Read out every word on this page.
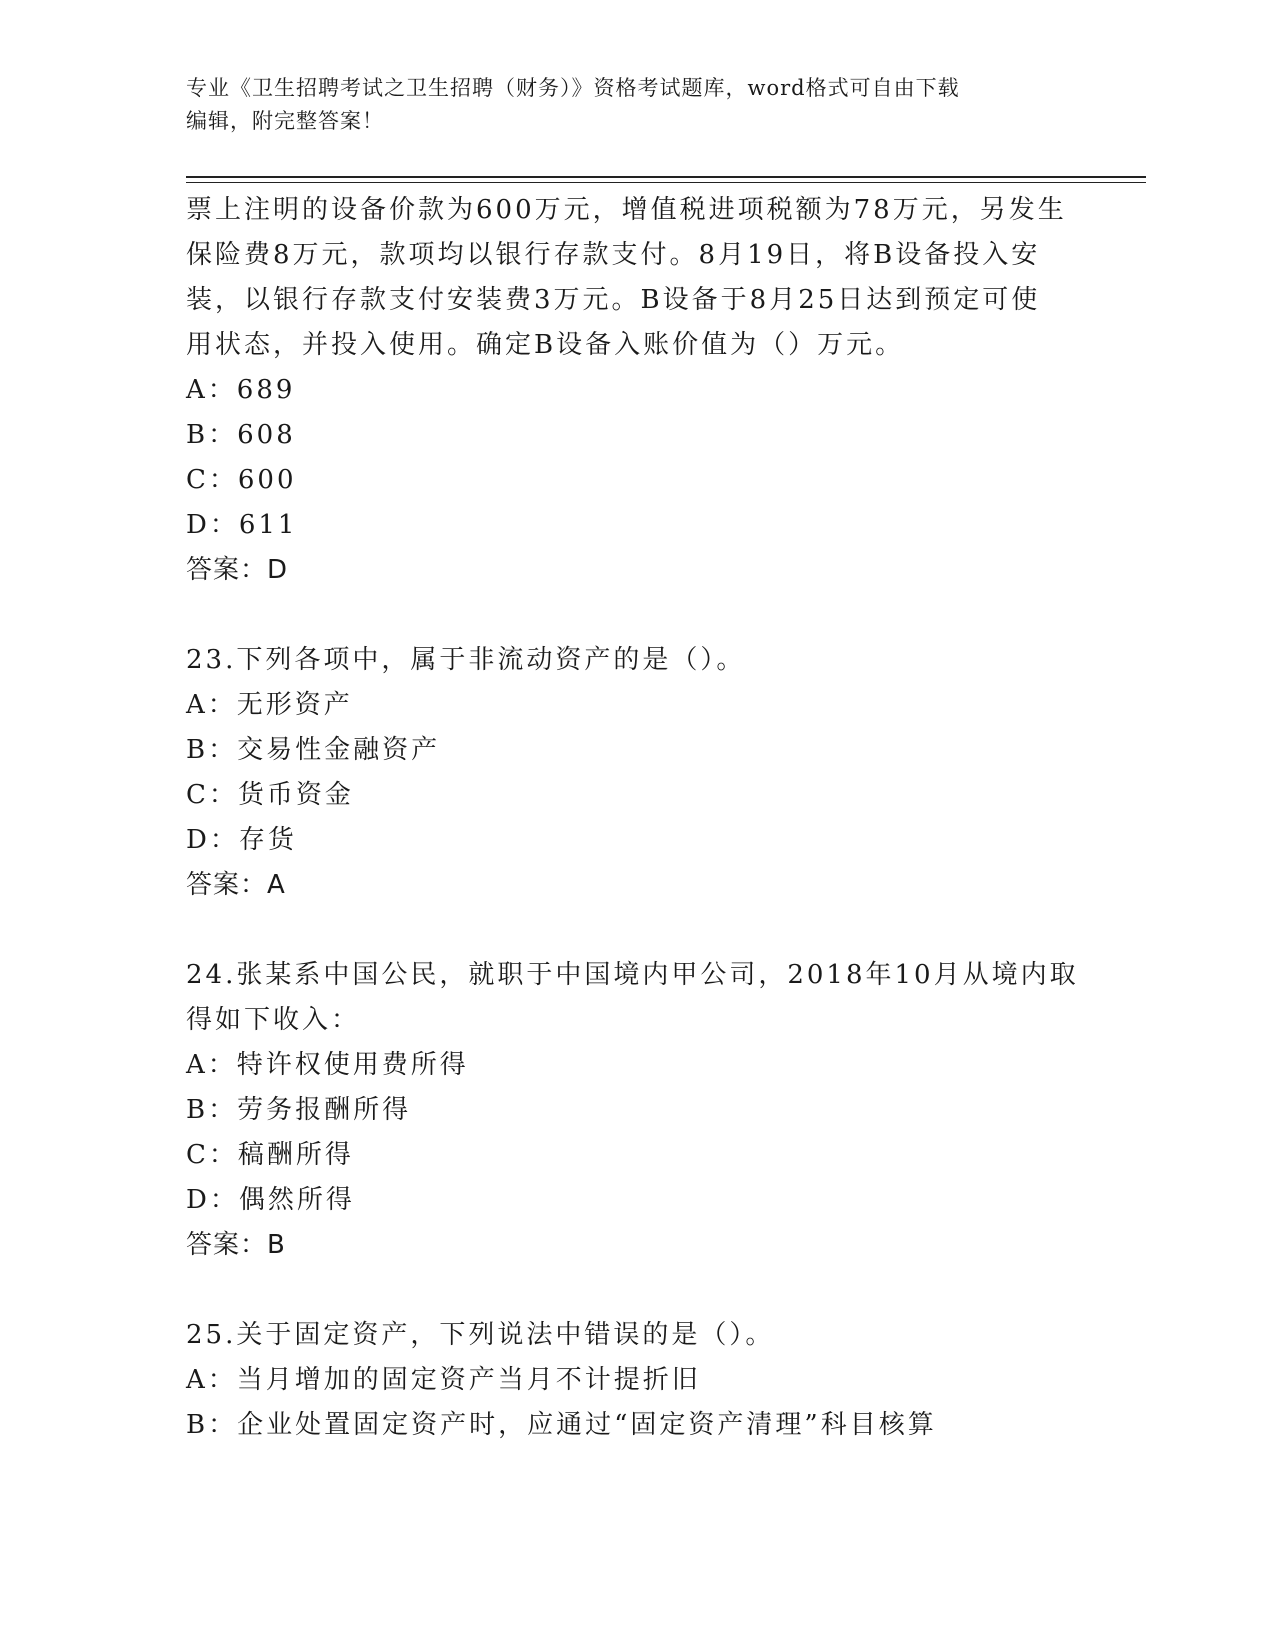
专业《卫生招聘考试之卫生招聘（财务）》资格考试题库，word格式可自由下载
编辑，附完整答案！
票上注明的设备价款为600万元，增值税进项税额为78万元，另发生
保险费8万元，款项均以银行存款支付。8月19日，将B设备投入安
装，以银行存款支付安装费3万元。B设备于8月25日达到预定可使
用状态，并投入使用。确定B设备入账价值为（）万元。
A：689
B：608
C：600
D：611
答案：D
23.下列各项中，属于非流动资产的是（）。
A：无形资产
B：交易性金融资产
C：货币资金
D：存货
答案：A
24.张某系中国公民，就职于中国境内甲公司，2018年10月从境内取
得如下收入：
A：特许权使用费所得
B：劳务报酬所得
C：稿酬所得
D：偶然所得
答案：B
25.关于固定资产，下列说法中错误的是（）。
A：当月增加的固定资产当月不计提折旧
B：企业处置固定资产时，应通过“固定资产清理”科目核算
